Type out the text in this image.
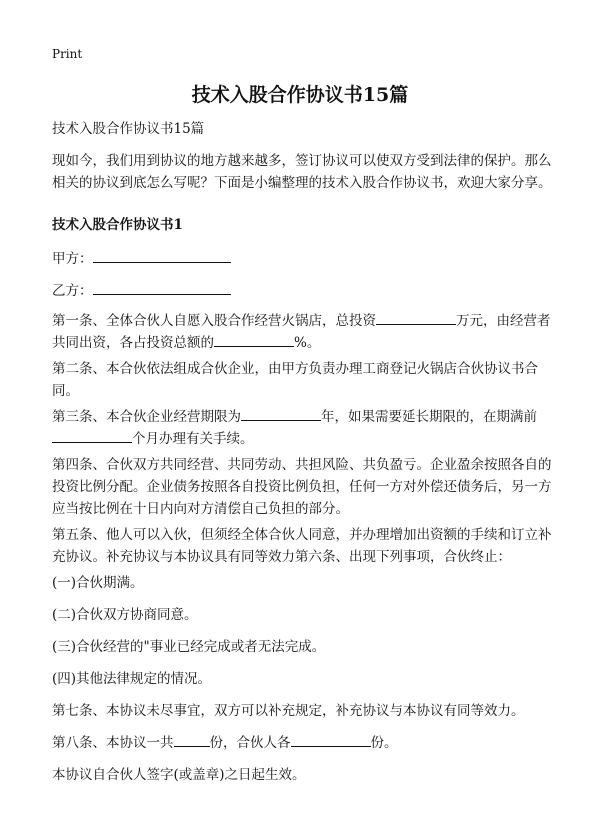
Print
技术入股合作协议书15篇

技术入股合作协议书15篇

现如今，我们用到协议的地方越来越多，签订协议可以使双方受到法律的保护。那么相关的协议到底怎么写呢？下面是小编整理的技术入股合作协议书，欢迎大家分享。

技术入股合作协议书1

甲方：

乙方：

第一条、全体合伙人自愿入股合作经营火锅店，总投资	万元，由经营者共同出资，各占投资总额的	%。

第二条、本合伙依法组成合伙企业，由甲方负责办理工商登记火锅店合伙协议书合同。

第三条、本合伙企业经营期限为	年，如果需要延长期限的，在期满前个月办理有关手续。

第四条、合伙双方共同经营、共同劳动、共担风险、共负盈亏。企业盈余按照各自的投资比例分配。企业债务按照各自投资比例负担，任何一方对外偿还债务后，另一方应当按比例在十日内向对方清偿自己负担的部分。

第五条、他人可以入伙，但须经全体合伙人同意，并办理增加出资额的手续和订立补充协议。补充协议与本协议具有同等效力第六条、出现下列事项，合伙终止：

(一)合伙期满。

(二)合伙双方协商同意。

(三)合伙经营的"事业已经完成或者无法完成。

(四)其他法律规定的情况。

第七条、本协议未尽事宜，双方可以补充规定，补充协议与本协议有同等效力。

第八条、本协议一共	份，合伙人各	份。

本协议自合伙人签字(或盖章)之日起生效。
